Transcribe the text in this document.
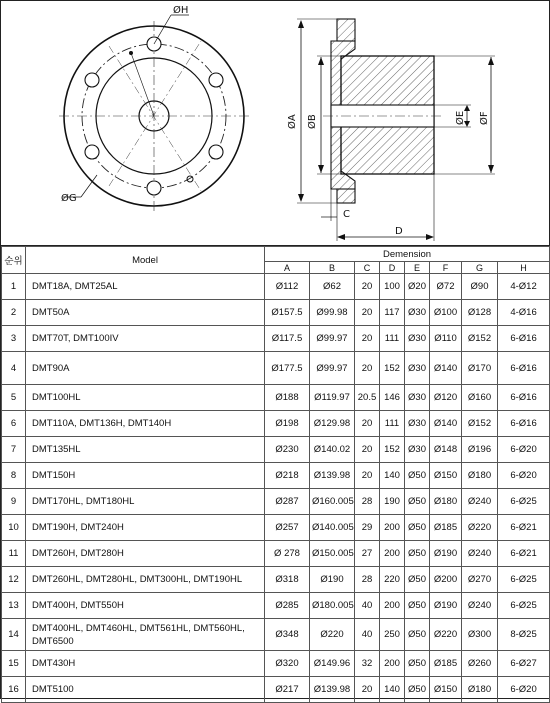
ØH
ØG
ØA ØB	ØE ØF
C
D
순위	Model	Demension							
		A	B	C	D	E	F	G	H
1	DMT18A, DMT25AL	Ø112	Ø62	20	100	Ø20	Ø72	Ø90	4-Ø12
2	DMT50A	Ø157.5	Ø99.98	20	117	Ø30	Ø100	Ø128	4-Ø16
3	DMT70T, DMT100IV	Ø117.5	Ø99.97	20	111	Ø30	Ø110	Ø152	6-Ø16
4	DMT90A	Ø177.5	Ø99.97	20	152	Ø30	Ø140	Ø170	6-Ø16
5	DMT100HL	Ø188	Ø119.97	20.5	146	Ø30	Ø120	Ø160	6-Ø16
6	DMT110A, DMT136H, DMT140H	Ø198	Ø129.98	20	111	Ø30	Ø140	Ø152	6-Ø16
7	DMT135HL	Ø230	Ø140.02	20	152	Ø30	Ø148	Ø196	6-Ø20
8	DMT150H	Ø218	Ø139.98	20	140	Ø50	Ø150	Ø180	6-Ø20
9	DMT170HL, DMT180HL	Ø287	Ø160.005	28	190	Ø50	Ø180	Ø240	6-Ø25
10	DMT190H, DMT240H	Ø257	Ø140.005	29	200	Ø50	Ø185	Ø220	6-Ø21
11	DMT260H, DMT280H	Ø 278	Ø150.005	27	200	Ø50	Ø190	Ø240	6-Ø21
12	DMT260HL, DMT280HL, DMT300HL, DMT190HL	Ø318	Ø190	28	220	Ø50	Ø200	Ø270	6-Ø25
13	DMT400H, DMT550H	Ø285	Ø180.005	40	200	Ø50	Ø190	Ø240	6-Ø25
14	DMT400HL, DMT460HL, DMT561HL, DMT560HL, DMT6500	Ø348	Ø220	40	250	Ø50	Ø220	Ø300	8-Ø25
15	DMT430H	Ø320	Ø149.96	32	200	Ø50	Ø185	Ø260	6-Ø27
16	DMT5100	Ø217	Ø139.98	20	140	Ø50	Ø150	Ø180	6-Ø20
